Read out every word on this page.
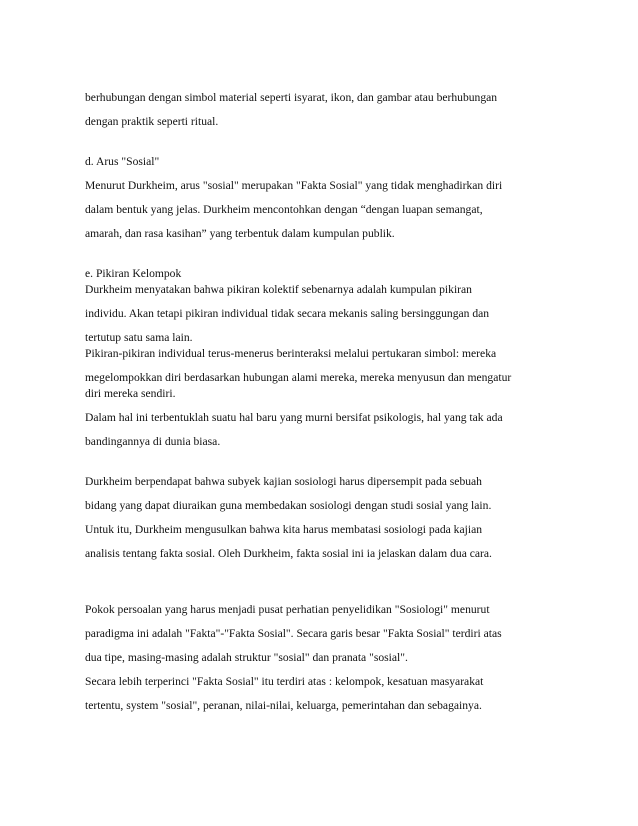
berhubungan dengan simbol material seperti isyarat, ikon, dan gambar atau berhubungan
dengan praktik seperti ritual.
d. Arus "Sosial"
Menurut Durkheim, arus "sosial" merupakan "Fakta Sosial" yang tidak menghadirkan diri
dalam bentuk yang jelas. Durkheim mencontohkan dengan “dengan luapan semangat,
amarah, dan rasa kasihan” yang terbentuk dalam kumpulan publik.
e. Pikiran Kelompok
Durkheim menyatakan bahwa pikiran kolektif sebenarnya adalah kumpulan pikiran
individu. Akan tetapi pikiran individual tidak secara mekanis saling bersinggungan dan
tertutup satu sama lain.
Pikiran-pikiran individual terus-menerus berinteraksi melalui pertukaran simbol: mereka
megelompokkan diri berdasarkan hubungan alami mereka, mereka menyusun dan mengatur
diri mereka sendiri.
Dalam hal ini terbentuklah suatu hal baru yang murni bersifat psikologis, hal yang tak ada
bandingannya di dunia biasa.
Durkheim berpendapat bahwa subyek kajian sosiologi harus dipersempit pada sebuah
bidang yang dapat diuraikan guna membedakan sosiologi dengan studi sosial yang lain.
Untuk itu, Durkheim mengusulkan bahwa kita harus membatasi sosiologi pada kajian
analisis tentang fakta sosial. Oleh Durkheim, fakta sosial ini ia jelaskan dalam dua cara.
Pokok persoalan yang harus menjadi pusat perhatian penyelidikan "Sosiologi" menurut
paradigma ini adalah "Fakta"-"Fakta Sosial". Secara garis besar "Fakta Sosial" terdiri atas
dua tipe, masing-masing adalah struktur "sosial" dan pranata "sosial".
Secara lebih terperinci "Fakta Sosial" itu terdiri atas : kelompok, kesatuan masyarakat
tertentu, system "sosial", peranan, nilai-nilai, keluarga, pemerintahan dan sebagainya.
